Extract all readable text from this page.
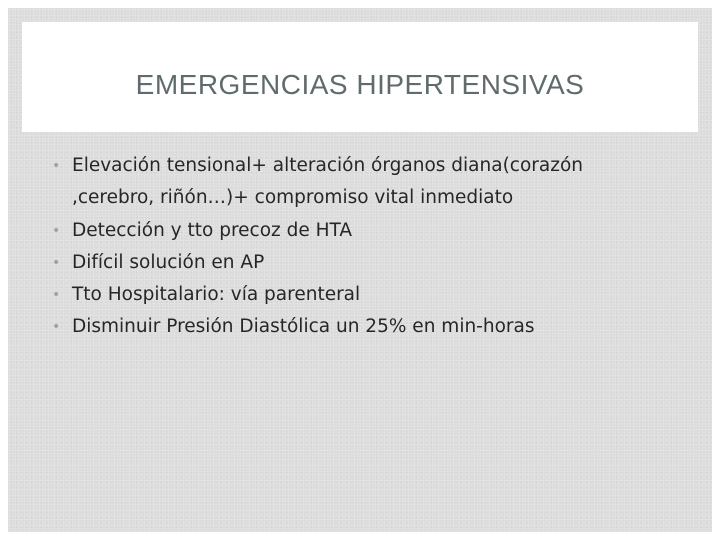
EMERGENCIAS HIPERTENSIVAS
• Elevación tensional+ alteración órganos diana(corazón ,cerebro, riñón…)+ compromiso vital inmediato
• Detección y tto precoz de HTA
• Difícil solución en AP
• Tto Hospitalario: vía parenteral
• Disminuir Presión Diastólica un 25% en min-horas
